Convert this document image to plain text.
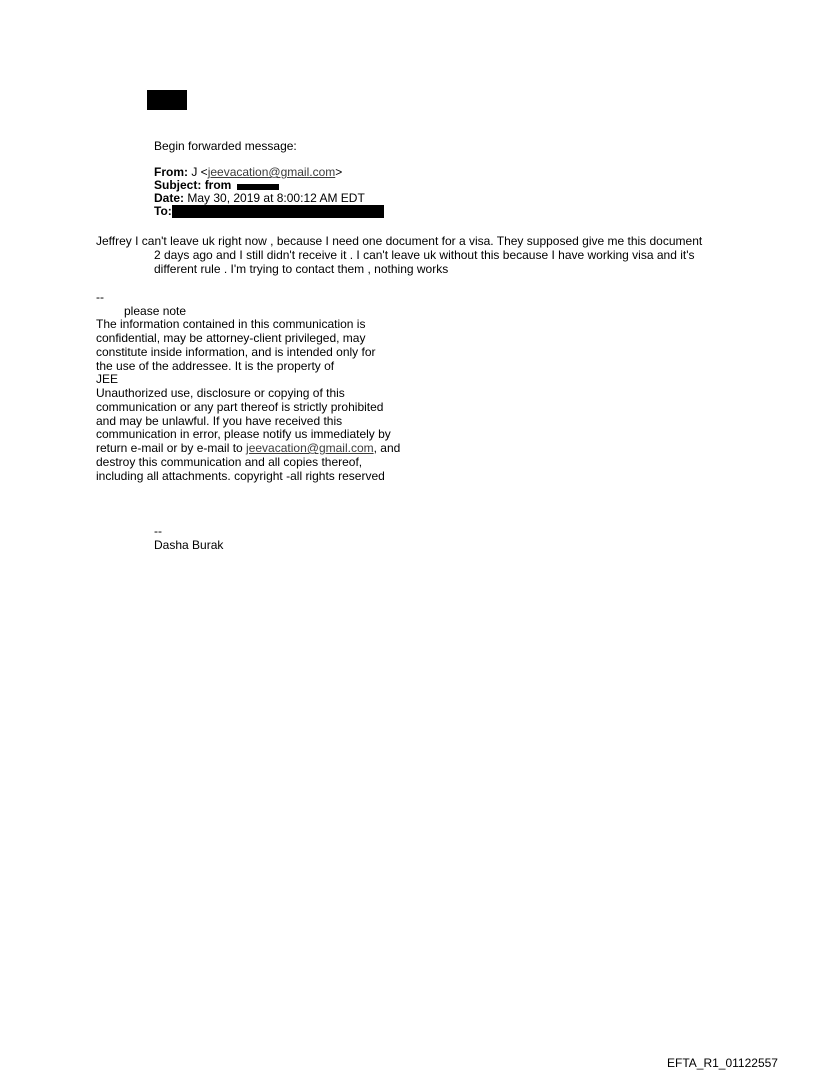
Begin forwarded message:
From: J <jeevacation@gmail.com>
Subject: from
Date: May 30, 2019 at 8:00:12 AM EDT
To:
Jeffrey I can't leave uk right now , because I need one document for a visa. They supposed give me this document
2 days ago and I still didn't receive it . I can't leave uk without this because I have working visa and it's
different rule . I'm trying to contact them , nothing works
--
please note
The information contained in this communication is
confidential, may be attorney-client privileged, may
constitute inside information, and is intended only for
the use of the addressee. It is the property of
JEE
Unauthorized use, disclosure or copying of this
communication or any part thereof is strictly prohibited
and may be unlawful. If you have received this
communication in error, please notify us immediately by
return e-mail or by e-mail to jeevacation@gmail.com, and
destroy this communication and all copies thereof,
including all attachments. copyright -all rights reserved
--
Dasha Burak
EFTA_R1_01122557
